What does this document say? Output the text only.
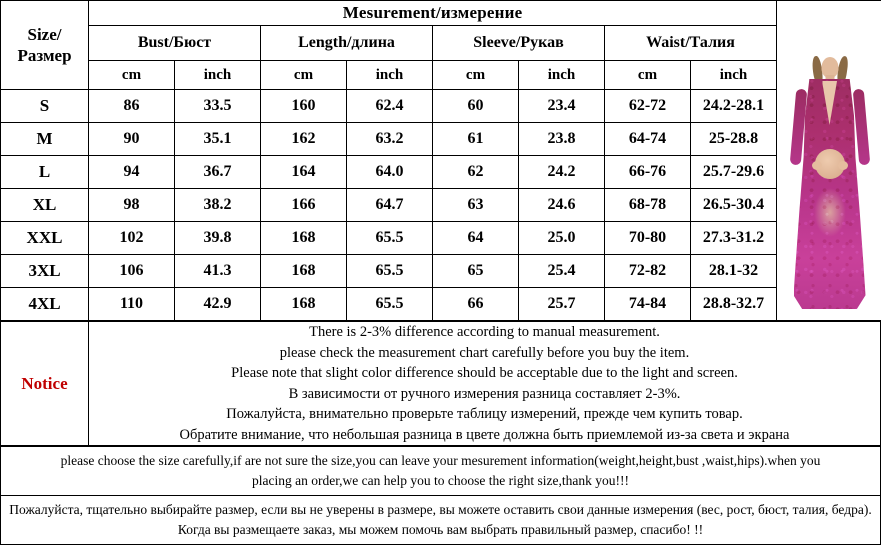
Size/
Размер	Mesurement/измерение								

	Bust/Бюст		Length/длина		Sleeve/Рукав		Waist/Талия		
	cm	inch	cm	inch	cm	inch	cm	inch	
S	86	33.5	160	62.4	60	23.4	62-72	24.2-28.1	
M	90	35.1	162	63.2	61	23.8	64-74	25-28.8	
L	94	36.7	164	64.0	62	24.2	66-76	25.7-29.6	
XL	98	38.2	166	64.7	63	24.6	68-78	26.5-30.4	
XXL	102	39.8	168	65.5	64	25.0	70-80	27.3-31.2	
3XL	106	41.3	168	65.5	65	25.4	72-82	28.1-32	
4XL	110	42.9	168	65.5	66	25.7	74-84	28.8-32.7	
Notice	
There is 2-3% difference according to manual measurement.
please check the measurement chart carefully before you buy the item.
Please note that slight color difference should be acceptable due to the light and screen.
В зависимости от ручного измерения разница составляет 2-3%.
Пожалуйста, внимательно проверьте таблицу измерений, прежде чем купить товар.
Обратите внимание, что небольшая разница в цвете должна быть приемлемой из-за света и экрана
please choose the size carefully,if are not sure the size,you can leave your mesurement information(weight,height,bust ,waist,hips).when you
placing an order,we can help you to choose the right size,thank you!!!

Пожалуйста, тщательно выбирайте размер, если вы не уверены в размере, вы можете оставить свои данные измерения (вес, рост, бюст, талия, бедра). Когда вы размещаете заказ, мы можем помочь вам выбрать правильный размер, спасибо! !!
